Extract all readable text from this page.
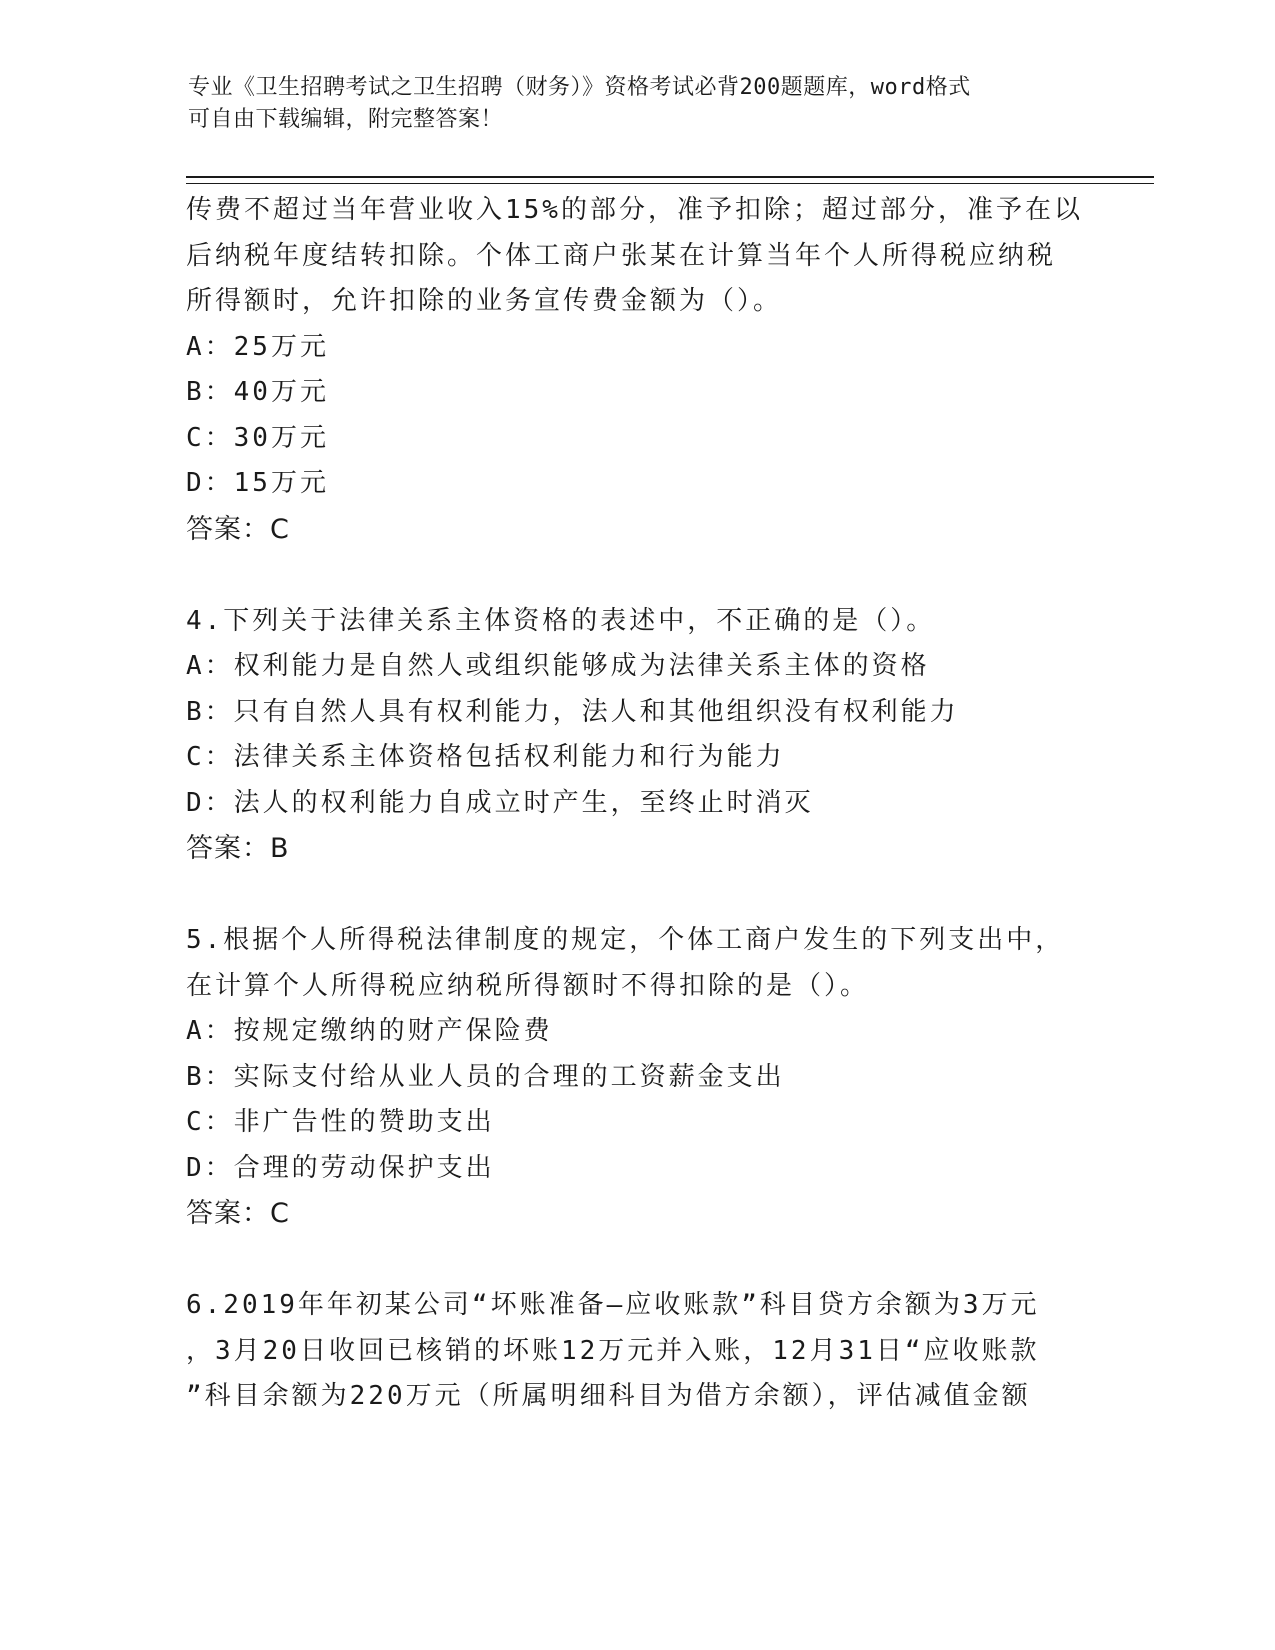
专业《卫生招聘考试之卫生招聘（财务）》资格考试必背200题题库，word格式
可自由下载编辑，附完整答案！
传费不超过当年营业收入15%的部分，准予扣除；超过部分，准予在以
后纳税年度结转扣除。个体工商户张某在计算当年个人所得税应纳税
所得额时，允许扣除的业务宣传费金额为（）。
A：25万元
B：40万元
C：30万元
D：15万元
答案：C
4.下列关于法律关系主体资格的表述中，不正确的是（）。
A：权利能力是自然人或组织能够成为法律关系主体的资格
B：只有自然人具有权利能力，法人和其他组织没有权利能力
C：法律关系主体资格包括权利能力和行为能力
D：法人的权利能力自成立时产生，至终止时消灭
答案：B
5.根据个人所得税法律制度的规定，个体工商户发生的下列支出中，
在计算个人所得税应纳税所得额时不得扣除的是（）。
A：按规定缴纳的财产保险费
B：实际支付给从业人员的合理的工资薪金支出
C：非广告性的赞助支出
D：合理的劳动保护支出
答案：C
6.2019年年初某公司“坏账准备—应收账款”科目贷方余额为3万元
，3月20日收回已核销的坏账12万元并入账，12月31日“应收账款
”科目余额为220万元（所属明细科目为借方余额），评估减值金额
